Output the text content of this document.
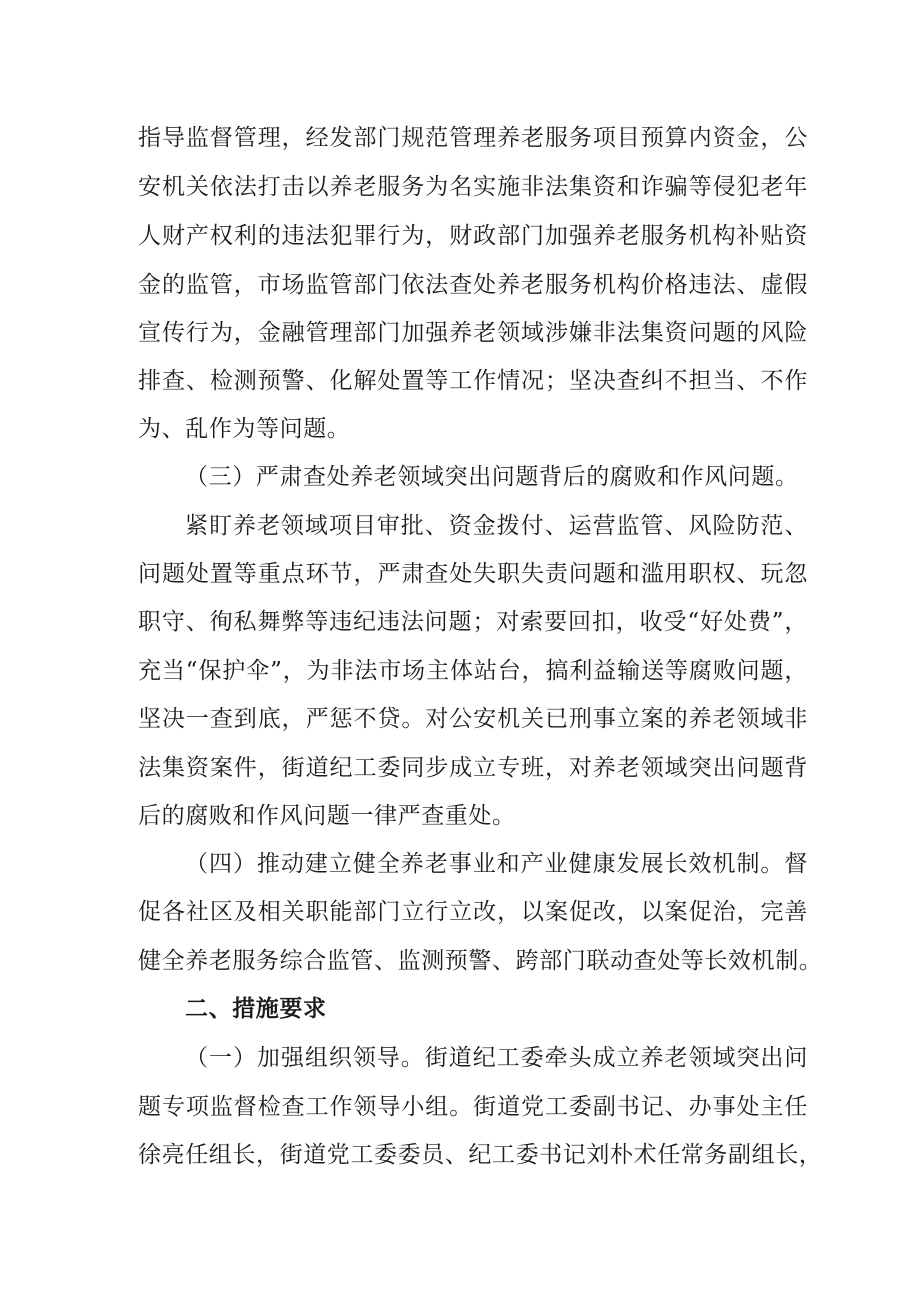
指导监督管理，经发部门规范管理养老服务项目预算内资金，公
安机关依法打击以养老服务为名实施非法集资和诈骗等侵犯老年
人财产权利的违法犯罪行为，财政部门加强养老服务机构补贴资
金的监管，市场监管部门依法查处养老服务机构价格违法、虚假
宣传行为，金融管理部门加强养老领域涉嫌非法集资问题的风险
排查、检测预警、化解处置等工作情况；坚决查纠不担当、不作
为、乱作为等问题。
（三）严肃查处养老领域突出问题背后的腐败和作风问题。
紧盯养老领域项目审批、资金拨付、运营监管、风险防范、
问题处置等重点环节，严肃查处失职失责问题和滥用职权、玩忽
职守、徇私舞弊等违纪违法问题；对索要回扣，收受“好处费”，
充当“保护伞”，为非法市场主体站台，搞利益输送等腐败问题，
坚决一查到底，严惩不贷。对公安机关已刑事立案的养老领域非
法集资案件，街道纪工委同步成立专班，对养老领域突出问题背
后的腐败和作风问题一律严查重处。
（四）推动建立健全养老事业和产业健康发展长效机制。督
促各社区及相关职能部门立行立改，以案促改，以案促治，完善
健全养老服务综合监管、监测预警、跨部门联动查处等长效机制。
二、措施要求
（一）加强组织领导。街道纪工委牵头成立养老领域突出问
题专项监督检查工作领导小组。街道党工委副书记、办事处主任
徐亮任组长，街道党工委委员、纪工委书记刘朴术任常务副组长，
